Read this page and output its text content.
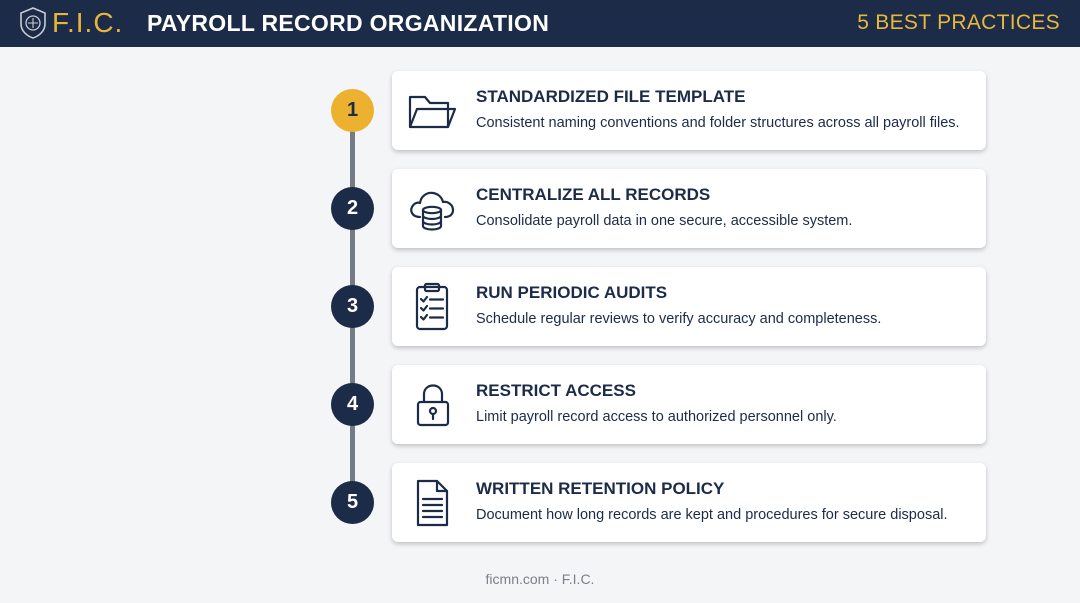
F.I.C. PAYROLL RECORD ORGANIZATION	5 BEST PRACTICES
1
STANDARDIZED FILE TEMPLATE
Consistent naming conventions and folder structures across all payroll files.
2
CENTRALIZE ALL RECORDS
Consolidate payroll data in one secure, accessible system.
3
RUN PERIODIC AUDITS
Schedule regular reviews to verify accuracy and completeness.
4
RESTRICT ACCESS
Limit payroll record access to authorized personnel only.
5
WRITTEN RETENTION POLICY
Document how long records are kept and procedures for secure disposal.
ficmn.com · F.I.C.
